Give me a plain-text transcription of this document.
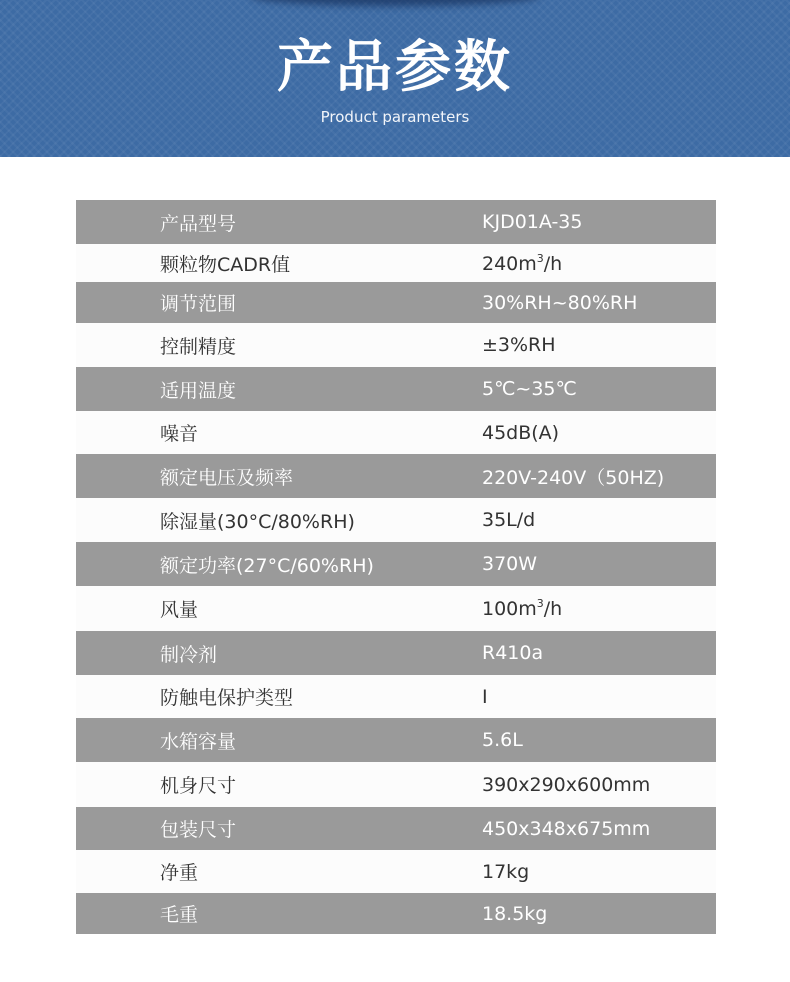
产品参数
Product parameters
产品型号	KJD01A-35
颗粒物CADR值	$240m^3/h$
调节范围	30%RH~80%RH
控制精度	±3%RH
适用温度	5℃~35℃
噪音	45dB(A)
额定电压及频率	220V-240V（50HZ)
除湿量(30°C/80%RH)	35L/d
额定功率(27°C/60%RH)	370W
风量	$100m^3/h$
制冷剂	R410a
防触电保护类型	I
水箱容量	5.6L
机身尺寸	390x290x600mm
包装尺寸	450x348x675mm
净重	17kg
毛重	18.5kg
